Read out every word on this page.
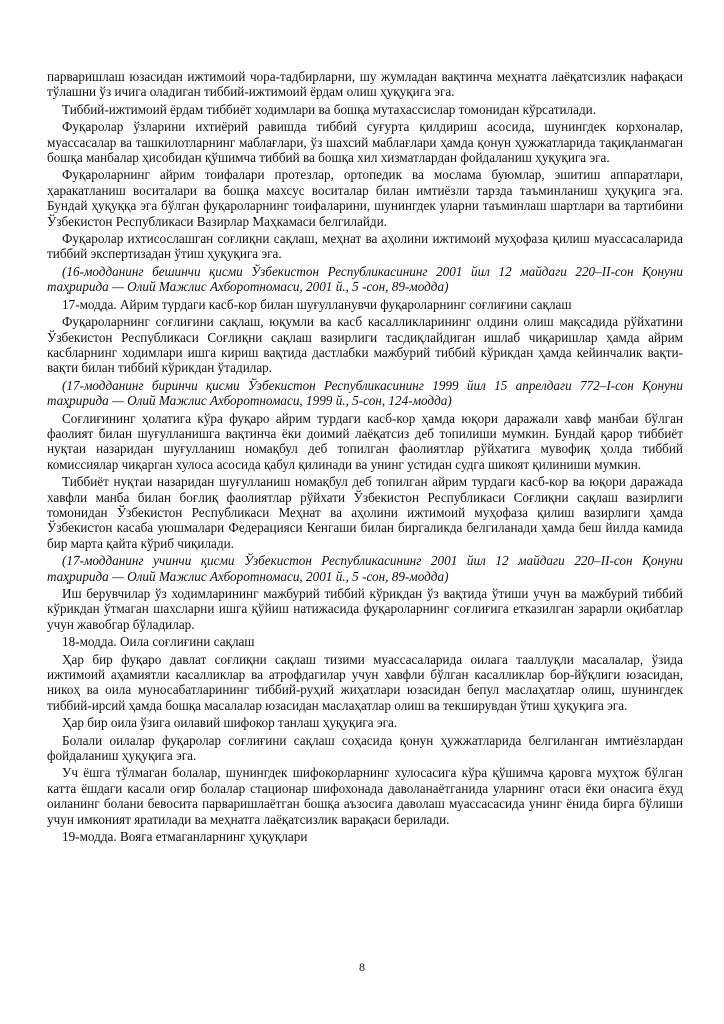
парваришлаш юзасидан ижтимоий чора-тадбирларни, шу жумладан вақтинча меҳнатга лаёқатсизлик нафақаси тўлашни ўз ичига оладиган тиббий-ижтимоий ёрдам олиш ҳуқуқига эга.

Тиббий-ижтимоий ёрдам тиббиёт ходимлари ва бошқа мутахассислар томонидан кўрсатилади.

Фуқаролар ўзларини ихтиёрий равишда тиббий суғурта қилдириш асосида, шунингдек корхоналар, муассасалар ва ташкилотларнинг маблағлари, ўз шахсий маблағлари ҳамда қонун ҳужжатларида тақиқланмаган бошқа манбалар ҳисобидан қўшимча тиббий ва бошқа хил хизматлардан фойдаланиш ҳуқуқига эга.

Фуқароларнинг айрим тоифалари протезлар, ортопедик ва мослама буюмлар, эшитиш аппаратлари, ҳаракатланиш воситалари ва бошқа махсус воситалар билан имтиёзли тарзда таъминланиш ҳуқуқига эга. Бундай ҳуқуққа эга бўлган фуқароларнинг тоифаларини, шунингдек уларни таъминлаш шартлари ва тартибини Ўзбекистон Республикаси Вазирлар Маҳкамаси белгилайди.

Фуқаролар ихтисослашган соғлиқни сақлаш, меҳнат ва аҳолини ижтимоий муҳофаза қилиш муассасаларида тиббий экспертизадан ўтиш ҳуқуқига эга.

(16-модданинг бешинчи қисми Ўзбекистон Республикасининг 2001 йил 12 майдаги 220–II-сон Қонуни таҳририда — Олий Мажлис Ахборотномаси, 2001 й., 5 -сон, 89-модда)

17-модда. Айрим турдаги касб-кор билан шуғулланувчи фуқароларнинг соғлиғини сақлаш

Фуқароларнинг соғлиғини сақлаш, юқумли ва касб касалликларининг олдини олиш мақсадида рўйхатини Ўзбекистон Республикаси Соғлиқни сақлаш вазирлиги тасдиқлайдиган ишлаб чиқаришлар ҳамда айрим касбларнинг ходимлари ишга кириш вақтида дастлабки мажбурий тиббий кўрикдан ҳамда кейинчалик вақти-вақти билан тиббий кўрикдан ўтадилар.

(17-модданинг биринчи қисми Ўзбекистон Республикасининг 1999 йил 15 апрелдаги 772–I-сон Қонуни таҳририда — Олий Мажлис Ахборотномаси, 1999 й., 5-сон, 124-модда)

Соғлиғининг ҳолатига кўра фуқаро айрим турдаги касб-кор ҳамда юқори даражали хавф манбаи бўлган фаолият билан шуғулланишга вақтинча ёки доимий лаёқатсиз деб топилиши мумкин. Бундай қарор тиббиёт нуқтаи назаридан шуғулланиш номақбул деб топилган фаолиятлар рўйхатига мувофиқ ҳолда тиббий комиссиялар чиқарган хулоса асосида қабул қилинади ва унинг устидан судга шикоят қилиниши мумкин.

Тиббиёт нуқтаи назаридан шуғулланиш номақбул деб топилган айрим турдаги касб-кор ва юқори даражада хавфли манба билан боғлиқ фаолиятлар рўйхати Ўзбекистон Республикаси Соғлиқни сақлаш вазирлиги томонидан Ўзбекистон Республикаси Меҳнат ва аҳолини ижтимоий муҳофаза қилиш вазирлиги ҳамда Ўзбекистон касаба уюшмалари Федерацияси Кенгаши билан биргаликда белгиланади ҳамда беш йилда камида бир марта қайта кўриб чиқилади.

(17-модданинг учинчи қисми Ўзбекистон Республикасининг 2001 йил 12 майдаги 220–II-сон Қонуни таҳририда — Олий Мажлис Ахборотномаси, 2001 й., 5 -сон, 89-модда)

Иш берувчилар ўз ходимларининг мажбурий тиббий кўрикдан ўз вақтида ўтиши учун ва мажбурий тиббий кўрикдан ўтмаган шахсларни ишга қўйиш натижасида фуқароларнинг соғлиғига етказилган зарарли оқибатлар учун жавобгар бўладилар.

18-модда. Оила соғлиғини сақлаш

Ҳар бир фуқаро давлат соғлиқни сақлаш тизими муассасаларида оилага тааллуқли масалалар, ўзида ижтимоий аҳамиятли касалликлар ва атрофдагилар учун хавфли бўлган касалликлар бор-йўқлиги юзасидан, никоҳ ва оила муносабатларининг тиббий-руҳий жиҳатлари юзасидан бепул маслаҳатлар олиш, шунингдек тиббий-ирсий ҳамда бошқа масалалар юзасидан маслаҳатлар олиш ва текширувдан ўтиш ҳуқуқига эга.

Ҳар бир оила ўзига оилавий шифокор танлаш ҳуқуқига эга.

Болали оилалар фуқаролар соғлиғини сақлаш соҳасида қонун ҳужжатларида белгиланган имтиёзлардан фойдаланиш ҳуқуқига эга.

Уч ёшга тўлмаган болалар, шунингдек шифокорларнинг хулосасига кўра қўшимча қаровга муҳтож бўлган катта ёшдаги касали оғир болалар стационар шифохонада даволанаётганида уларнинг отаси ёки онасига ёхуд оиланинг болани бевосита парваришлаётган бошқа аъзосига даволаш муассасасида унинг ёнида бирга бўлиши учун имконият яратилади ва меҳнатга лаёқатсизлик варақаси берилади.

19-модда. Вояга етмаганларнинг ҳуқуқлари

8
